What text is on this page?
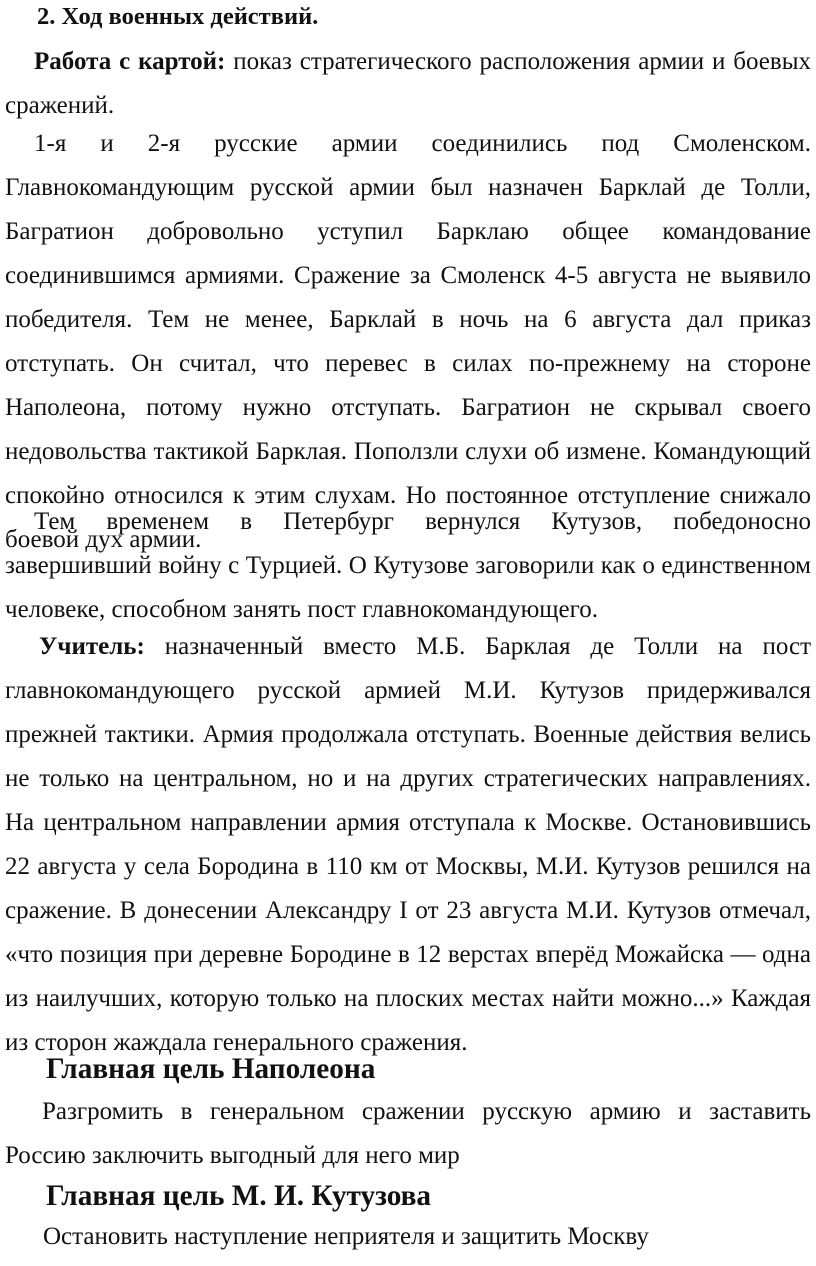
2. Ход военных действий.

Работа с картой: показ стратегического расположения армии и боевых сражений.

1-я и 2-я русские армии соединились под Смоленском. Главнокомандующим русской армии был назначен Барклай де Толли, Багратион добровольно уступил Барклаю общее командование соединившимся армиями. Сражение за Смоленск 4-5 августа не выявило победителя. Тем не менее, Барклай в ночь на 6 августа дал приказ отступать. Он считал, что перевес в силах по-прежнему на стороне Наполеона, потому нужно отступать. Багратион не скрывал своего недовольства тактикой Барклая. Поползли слухи об измене. Командующий спокойно относился к этим слухам. Но постоянное отступление снижало боевой дух армии.

Тем временем в Петербург вернулся Кутузов, победоносно завершивший войну с Турцией. О Кутузове заговорили как о единственном человеке, способном занять пост главнокомандующего.

Учитель: назначенный вместо М.Б. Барклая де Толли на пост главнокомандующего русской армией М.И. Кутузов придерживался прежней тактики. Армия продолжала отступать. Военные действия велись не только на центральном, но и на других стратегических направлениях. На центральном направлении армия отступала к Москве. Остановившись 22 августа у села Бородина в 110 км от Москвы, М.И. Кутузов решился на сражение. В донесении Александру I от 23 августа М.И. Кутузов отмечал, «что позиция при деревне Бородине в 12 верстах вперёд Можайска — одна из наилучших, которую только на плоских местах найти можно...» Каждая из сторон жаждала генерального сражения.

Главная цель Наполеона

Разгромить в генеральном сражении русскую армию и заставить Россию заключить выгодный для него мир

Главная цель М. И. Кутузова

Остановить наступление неприятеля и защитить Москву
